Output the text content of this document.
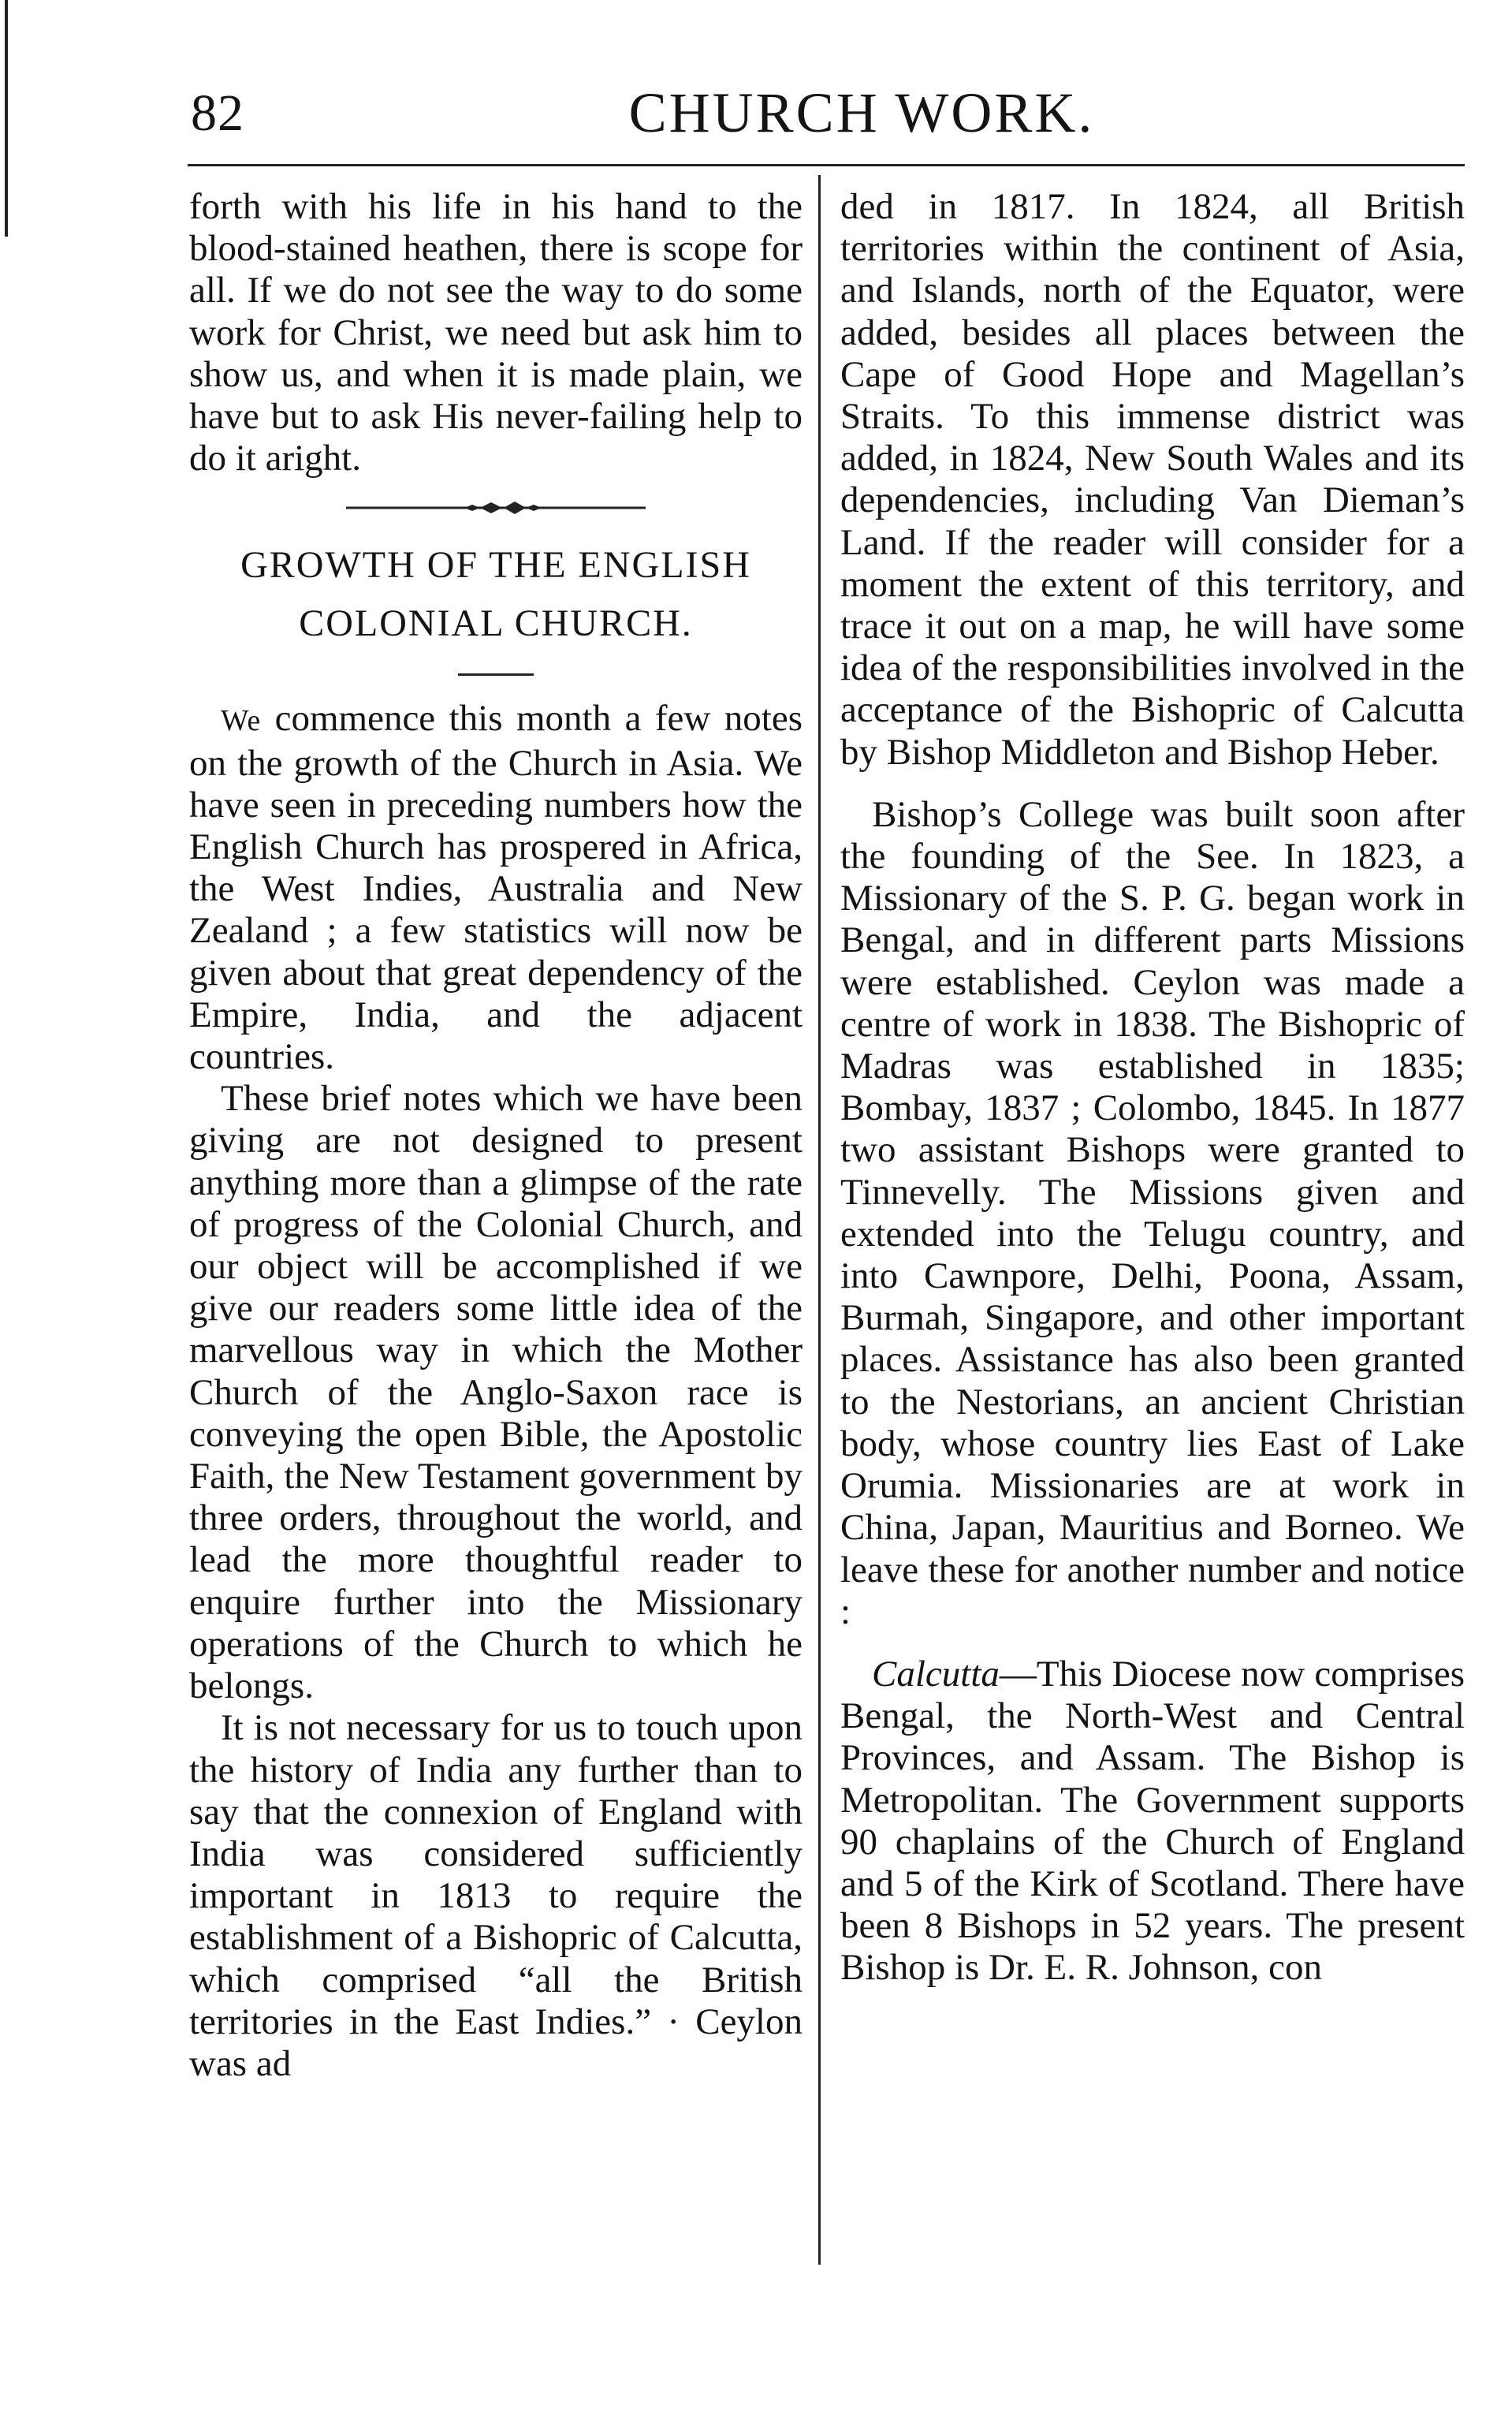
82	CHURCH WORK.

forth with his life in his hand to the blood-stained heathen, there is scope for all. If we do not see the way to do some work for Christ, we need but ask him to show us, and when it is made plain, we have but to ask His never-failing help to do it aright.

GROWTH OF THE ENGLISH
COLONIAL CHURCH.

We commence this month a few notes on the growth of the Church in Asia. We have seen in preceding numbers how the English Church has prospered in Africa, the West Indies, Australia and New Zealand ; a few statistics will now be given about that great dependency of the Empire, India, and the adjacent countries.

These brief notes which we have been giving are not designed to present anything more than a glimpse of the rate of progress of the Colonial Church, and our object will be accomplished if we give our readers some little idea of the marvellous way in which the Mother Church of the Anglo-Saxon race is conveying the open Bible, the Apostolic Faith, the New Testament government by three orders, throughout the world, and lead the more thoughtful reader to enquire further into the Missionary operations of the Church to which he belongs.

It is not necessary for us to touch upon the history of India any further than to say that the connexion of England with India was considered sufficiently important in 1813 to require the establishment of a Bishopric of Calcutta, which comprised “all the British territories in the East Indies.” · Ceylon was ad

ded in 1817. In 1824, all British territories within the continent of Asia, and Islands, north of the Equator, were added, besides all places between the Cape of Good Hope and Magellan’s Straits. To this immense district was added, in 1824, New South Wales and its dependencies, including Van Dieman’s Land. If the reader will consider for a moment the extent of this territory, and trace it out on a map, he will have some idea of the responsibilities involved in the acceptance of the Bishopric of Calcutta by Bishop Middleton and Bishop Heber.

Bishop’s College was built soon after the founding of the See. In 1823, a Missionary of the S. P. G. began work in Bengal, and in different parts Missions were established. Ceylon was made a centre of work in 1838. The Bishopric of Madras was established in 1835; Bombay, 1837 ; Colombo, 1845. In 1877 two assistant Bishops were granted to Tinnevelly. The Missions given and extended into the Telugu country, and into Cawnpore, Delhi, Poona, Assam, Burmah, Singapore, and other important places. Assistance has also been granted to the Nestorians, an ancient Christian body, whose country lies East of Lake Orumia. Missionaries are at work in China, Japan, Mauritius and Borneo. We leave these for another number and notice :

Calcutta—This Diocese now comprises Bengal, the North-West and Central Provinces, and Assam. The Bishop is Metropolitan. The Government supports 90 chaplains of the Church of England and 5 of the Kirk of Scotland. There have been 8 Bishops in 52 years. The present Bishop is Dr. E. R. Johnson, con
